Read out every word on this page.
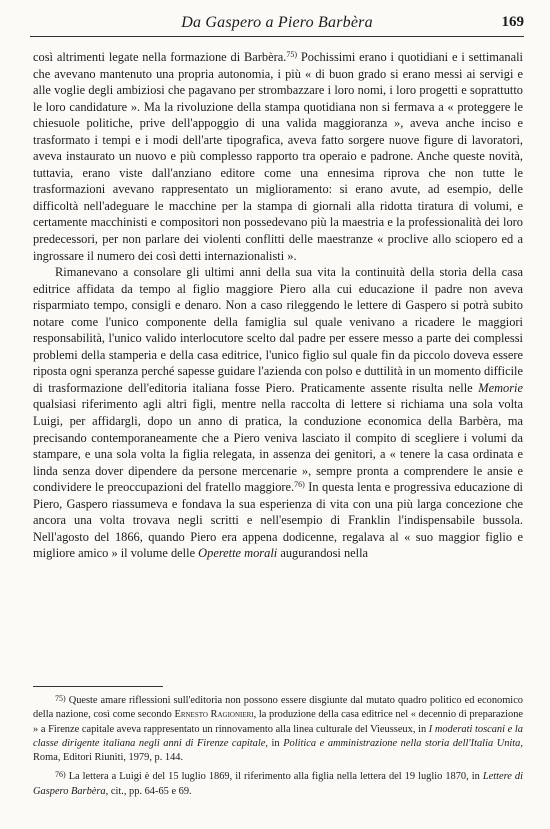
Da Gaspero a Piero Barbèra	169

così altrimenti legate nella formazione di Barbèra.$^{75)}$ Pochissimi erano i quotidiani e i settimanali che avevano mantenuto una propria autonomia, i più « di buon grado si erano messi ai servigi e alle voglie degli ambiziosi che pagavano per strombazzare i loro nomi, i loro progetti e soprattutto le loro candidature ». Ma la rivoluzione della stampa quotidiana non si fermava a « proteggere le chiesuole politiche, prive dell'appoggio di una valida maggioranza », aveva anche inciso e trasformato i tempi e i modi dell'arte tipografica, aveva fatto sorgere nuove figure di lavoratori, aveva instaurato un nuovo e più complesso rapporto tra operaio e padrone. Anche queste novità, tuttavia, erano viste dall'anziano editore come una ennesima riprova che non tutte le trasformazioni avevano rappresentato un miglioramento: si erano avute, ad esempio, delle difficoltà nell'adeguare le macchine per la stampa di giornali alla ridotta tiratura di volumi, e certamente macchinisti e compositori non possedevano più la maestria e la professionalità dei loro predecessori, per non parlare dei violenti conflitti delle maestranze « proclive allo sciopero ed a ingrossare il numero dei così detti internazionalisti ».

Rimanevano a consolare gli ultimi anni della sua vita la continuità della storia della casa editrice affidata da tempo al figlio maggiore Piero alla cui educazione il padre non aveva risparmiato tempo, consigli e denaro. Non a caso rileggendo le lettere di Gaspero si potrà subito notare come l'unico componente della famiglia sul quale venivano a ricadere le maggiori responsabilità, l'unico valido interlocutore scelto dal padre per essere messo a parte dei complessi problemi della stamperia e della casa editrice, l'unico figlio sul quale fin da piccolo doveva essere riposta ogni speranza perché sapesse guidare l'azienda con polso e duttilità in un momento difficile di trasformazione dell'editoria italiana fosse Piero. Praticamente assente risulta nelle Memorie qualsiasi riferimento agli altri figli, mentre nella raccolta di lettere si richiama una sola volta Luigi, per affidargli, dopo un anno di pratica, la conduzione economica della Barbèra, ma precisando contemporaneamente che a Piero veniva lasciato il compito di scegliere i volumi da stampare, e una sola volta la figlia relegata, in assenza dei genitori, a « tenere la casa ordinata e linda senza dover dipendere da persone mercenarie », sempre pronta a comprendere le ansie e condividere le preoccupazioni del fratello maggiore.$^{76)}$ In questa lenta e progressiva educazione di Piero, Gaspero riassumeva e fondava la sua esperienza di vita con una più larga concezione che ancora una volta trovava negli scritti e nell'esempio di Franklin l'indispensabile bussola. Nell'agosto del 1866, quando Piero era appena dodicenne, regalava al « suo maggior figlio e migliore amico » il volume delle Operette morali augurandosi nella

$^{75)}$ Queste amare riflessioni sull'editoria non possono essere disgiunte dal mutato quadro politico ed economico della nazione, così come secondo Ernesto Ragionieri, la produzione della casa editrice nel « decennio di preparazione » a Firenze capitale aveva rappresentato un rinnovamento alla linea culturale del Vieusseux, in I moderati toscani e la classe dirigente italiana negli anni di Firenze capitale, in Politica e amministrazione nella storia dell'Italia Unita, Roma, Editori Riuniti, 1979, p. 144.

$^{76)}$ La lettera a Luigi è del 15 luglio 1869, il riferimento alla figlia nella lettera del 19 luglio 1870, in Lettere di Gaspero Barbèra, cit., pp. 64-65 e 69.
